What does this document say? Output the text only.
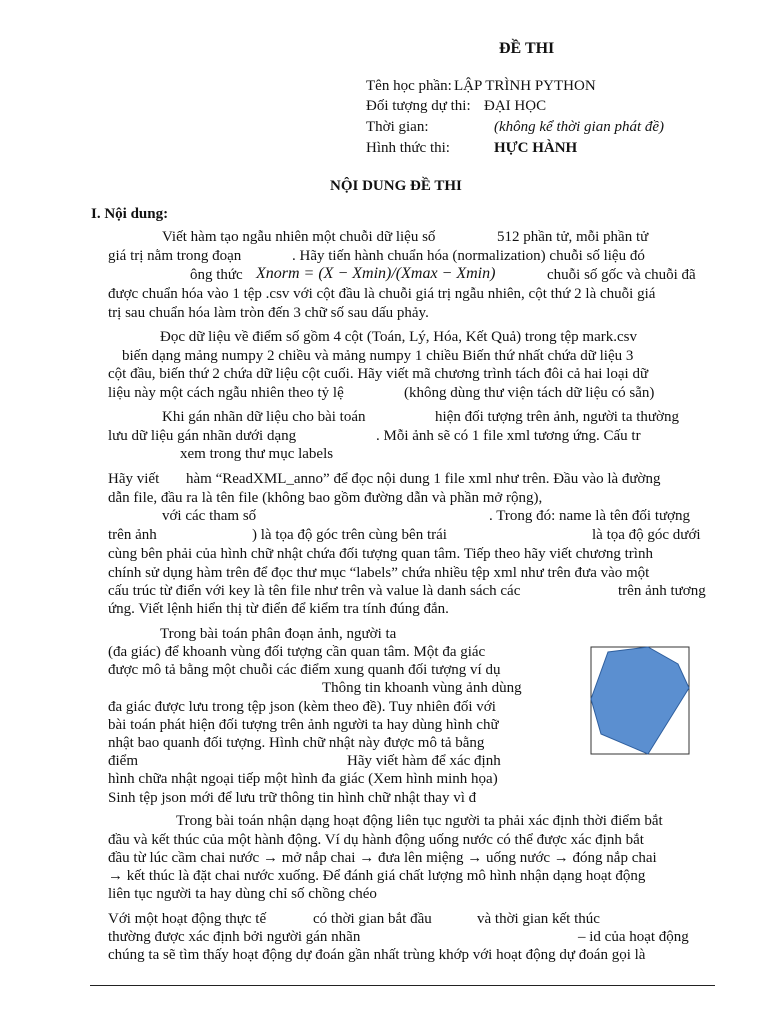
ĐỀ THI
Tên học phần: LẬP TRÌNH PYTHON
Đối tượng dự thi: ĐẠI HỌC
Thời gian:	(không kể thời gian phát đề)
Hình thức thi:	HỰC HÀNH
NỘI DUNG ĐỀ THI
I. Nội dung:
Viết hàm tạo ngẫu nhiên một chuỗi dữ liệu số	512 phần tử, mỗi phần tử
giá trị nằm trong đoạn	. Hãy tiến hành chuẩn hóa (normalization) chuỗi số liệu đó
ông thức Xnorm = (X − Xmin)/(Xmax − Xmin)	chuỗi số gốc và chuỗi đã
được chuẩn hóa vào 1 tệp .csv với cột đầu là chuỗi giá trị ngẫu nhiên, cột thứ 2 là chuỗi giá
trị sau chuẩn hóa làm tròn đến 3 chữ số sau dấu phảy.
Đọc dữ liệu về điểm số gồm 4 cột (Toán, Lý, Hóa, Kết Quả) trong tệp mark.csv
biến dạng mảng numpy 2 chiều và mảng numpy 1 chiều Biến thứ nhất chứa dữ liệu 3
cột đầu, biến thứ 2 chứa dữ liệu cột cuối. Hãy viết mã chương trình tách đôi cả hai loại dữ
liệu này một cách ngẫu nhiên theo tỷ lệ	(không dùng thư viện tách dữ liệu có sẵn)
Khi gán nhãn dữ liệu cho bài toán	hiện đối tượng trên ảnh, người ta thường
lưu dữ liệu gán nhãn dưới dạng	. Mỗi ảnh sẽ có 1 file xml tương ứng. Cấu tr
xem trong thư mục labels
Hãy viết hàm “ReadXML_anno” để đọc nội dung 1 file xml như trên. Đầu vào là đường
dẫn file, đầu ra là tên file (không bao gồm đường dẫn và phần mở rộng),
với các tham số	. Trong đó: name là tên đối tượng
trên ảnh	) là tọa độ góc trên cùng bên trái	là tọa độ góc dưới
cùng bên phải của hình chữ nhật chứa đối tượng quan tâm. Tiếp theo hãy viết chương trình
chính sử dụng hàm trên để đọc thư mục “labels” chứa nhiều tệp xml như trên đưa vào một
cấu trúc từ điển với key là tên file như trên và value là danh sách các	trên ảnh tương
ứng. Viết lệnh hiển thị từ điển để kiểm tra tính đúng đắn.
Trong bài toán phân đoạn ảnh, người ta
(đa giác) để khoanh vùng đối tượng cần quan tâm. Một đa giác
được mô tả bằng một chuỗi các điểm xung quanh đối tượng ví dụ
Thông tin khoanh vùng ảnh dùng
đa giác được lưu trong tệp json (kèm theo đề). Tuy nhiên đối với
bài toán phát hiện đối tượng trên ảnh người ta hay dùng hình chữ
nhật bao quanh đối tượng. Hình chữ nhật này được mô tả bằng
điểm	Hãy viết hàm để xác định
hình chữa nhật ngoại tiếp một hình đa giác (Xem hình minh họa)
Sinh tệp json mới để lưu trữ thông tin hình chữ nhật thay vì đ
Trong bài toán nhận dạng hoạt động liên tục người ta phải xác định thời điểm bắt
đầu và kết thúc của một hành động. Ví dụ hành động uống nước có thể được xác định bắt
đầu từ lúc cầm chai nước → mở nắp chai → đưa lên miệng → uống nước → đóng nắp chai
→ kết thúc là đặt chai nước xuống. Để đánh giá chất lượng mô hình nhận dạng hoạt động
liên tục người ta hay dùng chỉ số chồng chéo
Với một hoạt động thực tế	có thời gian bắt đầu	và thời gian kết thúc
thường được xác định bởi người gán nhãn	– id của hoạt động
chúng ta sẽ tìm thấy hoạt động dự đoán gần nhất trùng khớp với hoạt động dự đoán gọi là
